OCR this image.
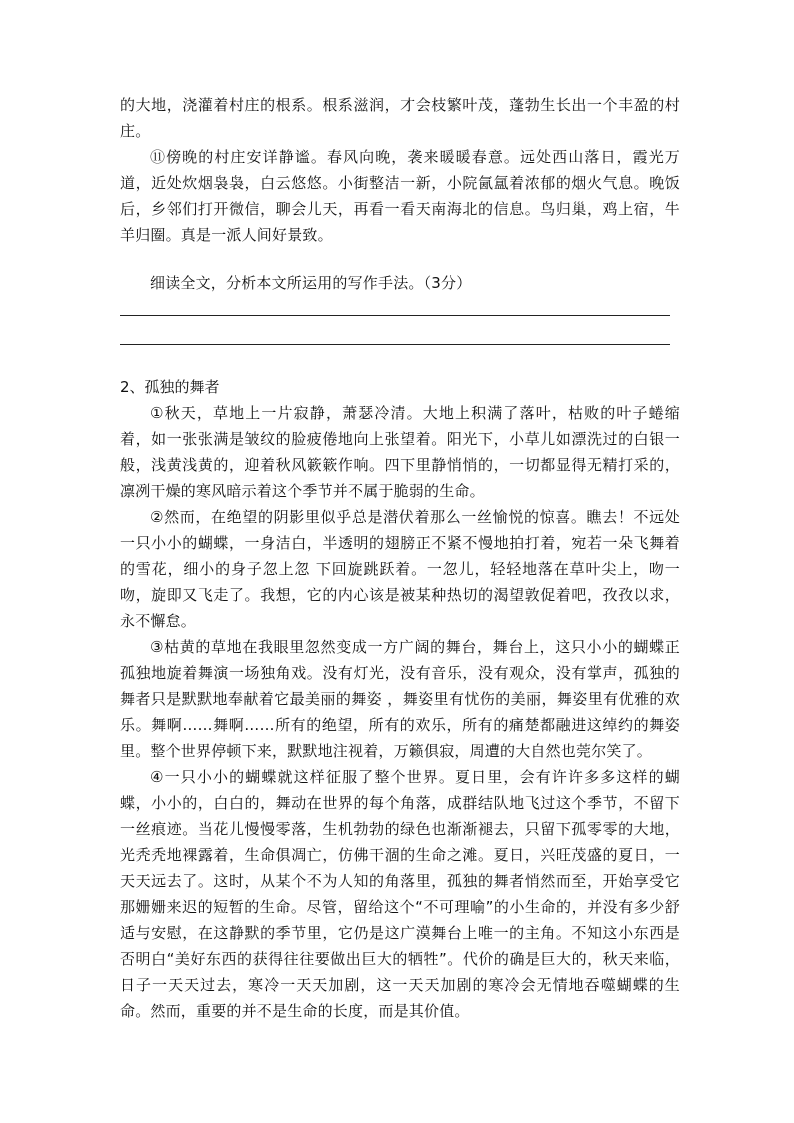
的大地，浇灌着村庄的根系。根系滋润，才会枝繁叶茂，蓬勃生长出一个丰盈的村庄。

⑪傍晚的村庄安详静谧。春风向晚，袭来暖暖春意。远处西山落日，霞光万道，近处炊烟袅袅，白云悠悠。小街整洁一新，小院氤氲着浓郁的烟火气息。晚饭后，乡邻们打开微信，聊会儿天，再看一看天南海北的信息。鸟归巢，鸡上宿，牛羊归圈。真是一派人间好景致。

细读全文，分析本文所运用的写作手法。（3分）

2、孤独的舞者

①秋天，草地上一片寂静，萧瑟冷清。大地上积满了落叶，枯败的叶子蜷缩着，如一张张满是皱纹的脸疲倦地向上张望着。阳光下，小草儿如漂洗过的白银一般，浅黄浅黄的，迎着秋风簌簌作响。四下里静悄悄的，一切都显得无精打采的，凛冽干燥的寒风暗示着这个季节并不属于脆弱的生命。

②然而，在绝望的阴影里似乎总是潜伏着那么一丝愉悦的惊喜。瞧去！不远处一只小小的蝴蝶，一身洁白，半透明的翅膀正不紧不慢地拍打着，宛若一朵飞舞着的雪花，细小的身子忽上忽 下回旋跳跃着。一忽儿，轻轻地落在草叶尖上，吻一吻，旋即又飞走了。我想，它的内心该是被某种热切的渴望敦促着吧，孜孜以求，永不懈怠。

③枯黄的草地在我眼里忽然变成一方广阔的舞台，舞台上，这只小小的蝴蝶正孤独地旋着舞演一场独角戏。没有灯光，没有音乐，没有观众，没有掌声，孤独的舞者只是默默地奉献着它最美丽的舞姿 ，舞姿里有忧伤的美丽，舞姿里有优雅的欢乐。舞啊……舞啊……所有的绝望，所有的欢乐，所有的痛楚都融进这绰约的舞姿里。整个世界停顿下来，默默地注视着，万籁俱寂，周遭的大自然也莞尔笑了。

④一只小小的蝴蝶就这样征服了整个世界。夏日里，会有许许多多这样的蝴蝶，小小的，白白的，舞动在世界的每个角落，成群结队地飞过这个季节，不留下一丝痕迹。当花儿慢慢零落，生机勃勃的绿色也渐渐褪去，只留下孤零零的大地，光秃秃地裸露着，生命俱凋亡，仿佛干涸的生命之滩。夏日，兴旺茂盛的夏日，一天天远去了。这时，从某个不为人知的角落里，孤独的舞者悄然而至，开始享受它那姗姗来迟的短暂的生命。尽管，留给这个“不可理喻”的小生命的，并没有多少舒适与安慰，在这静默的季节里，它仍是这广漠舞台上唯一的主角。不知这小东西是否明白“美好东西的获得往往要做出巨大的牺牲”。代价的确是巨大的，秋天来临，日子一天天过去，寒冷一天天加剧，这一天天加剧的寒冷会无情地吞噬蝴蝶的生命。然而，重要的并不是生命的长度，而是其价值。
